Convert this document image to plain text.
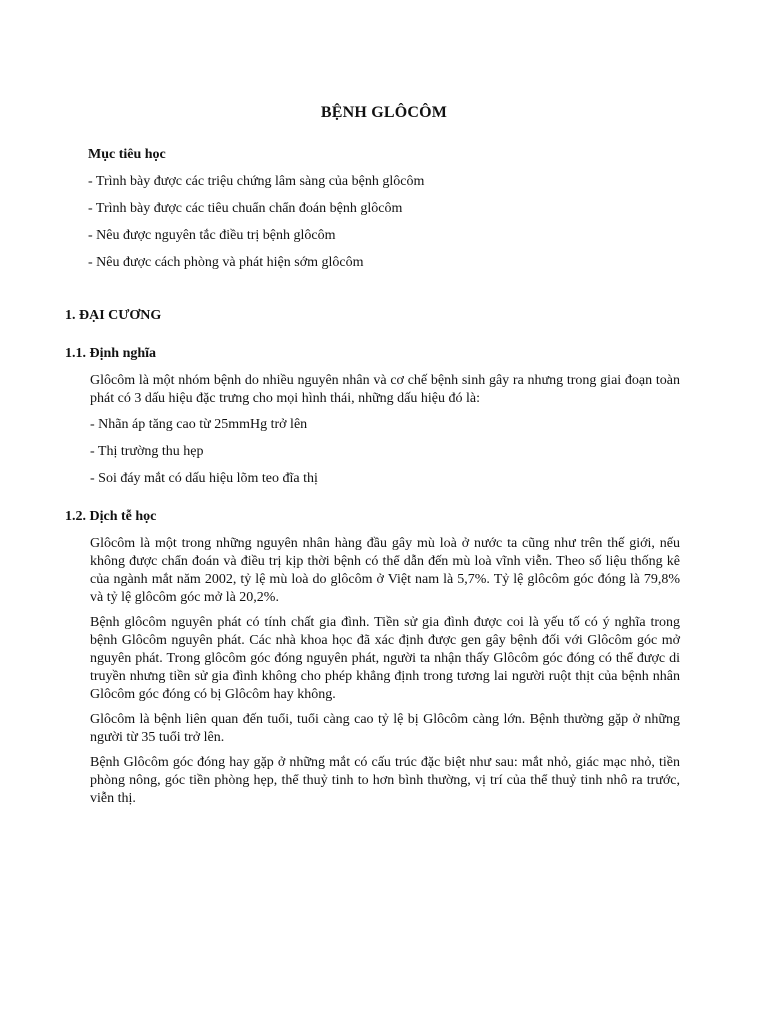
BỆNH GLÔCÔM
Mục tiêu học
- Trình bày được các triệu chứng lâm sàng của bệnh glôcôm
- Trình bày được các tiêu chuẩn chẩn đoán bệnh glôcôm
- Nêu được nguyên tắc điều trị bệnh glôcôm
- Nêu được cách phòng và phát hiện sớm glôcôm
1. ĐẠI CƯƠNG
1.1. Định nghĩa

Glôcôm là một nhóm bệnh do nhiều nguyên nhân và cơ chế bệnh sinh gây ra nhưng trong giai đoạn toàn phát có 3 dấu hiệu đặc trưng cho mọi hình thái, những dấu hiệu đó là:

- Nhãn áp tăng cao từ 25mmHg trở lên
- Thị trường thu hẹp
- Soi đáy mắt có dấu hiệu lõm teo đĩa thị
1.2. Dịch tễ học

Glôcôm là một trong những nguyên nhân hàng đầu gây mù loà ở nước ta cũng như trên thế giới, nếu không được chẩn đoán và điều trị kịp thời bệnh có thể dẫn đến mù loà vĩnh viễn. Theo số liệu thống kê của ngành mắt năm 2002, tỷ lệ mù loà do glôcôm ở Việt nam là 5,7%. Tỷ lệ glôcôm góc đóng là 79,8% và tỷ lệ glôcôm góc mở là 20,2%.

Bệnh glôcôm nguyên phát có tính chất gia đình. Tiền sử gia đình được coi là yếu tố có ý nghĩa trong bệnh Glôcôm nguyên phát. Các nhà khoa học đã xác định được gen gây bệnh đối với Glôcôm góc mở nguyên phát. Trong glôcôm góc đóng nguyên phát, người ta nhận thấy Glôcôm góc đóng có thể được di truyền nhưng tiền sử gia đình không cho phép khẳng định trong tương lai người ruột thịt của bệnh nhân Glôcôm góc đóng có bị Glôcôm hay không.

Glôcôm là bệnh liên quan đến tuổi, tuổi càng cao tỷ lệ bị Glôcôm càng lớn. Bệnh thường gặp ở những người từ 35 tuổi trở lên.

Bệnh Glôcôm góc đóng hay gặp ở những mắt có cấu trúc đặc biệt như sau: mắt nhỏ, giác mạc nhỏ, tiền phòng nông, góc tiền phòng hẹp, thể thuỷ tinh to hơn bình thường, vị trí của thể thuỷ tinh nhô ra trước, viễn thị.
